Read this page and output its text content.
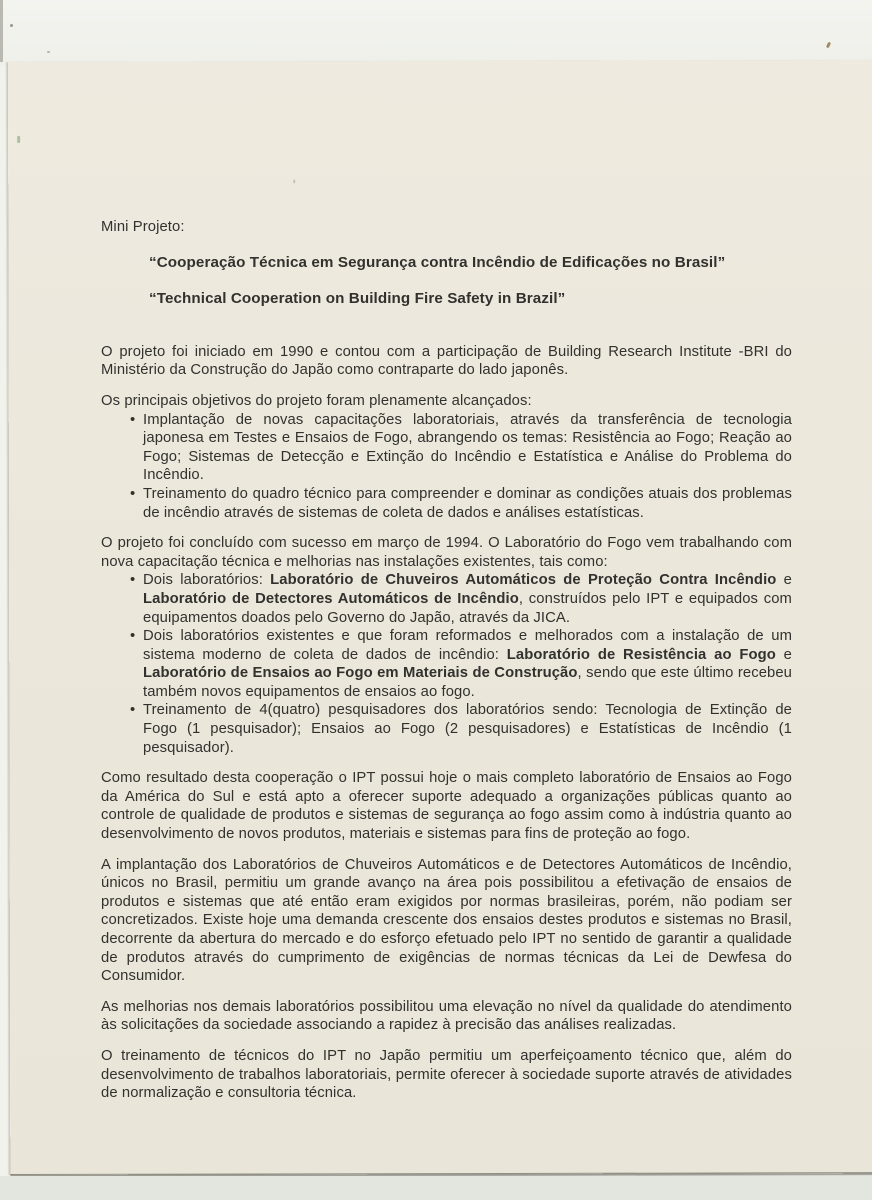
Mini Projeto:

“Cooperação Técnica em Segurança contra Incêndio de Edificações no Brasil”

“Technical Cooperation on Building Fire Safety in Brazil”

O projeto foi iniciado em 1990 e contou com a participação de Building Research Institute -BRI do Ministério da Construção do Japão como contraparte do lado japonês.

Os principais objetivos do projeto foram plenamente alcançados:

• Implantação de novas capacitações laboratoriais, através da transferência de tecnologia japonesa em Testes e Ensaios de Fogo, abrangendo os temas: Resistência ao Fogo; Reação ao Fogo; Sistemas de Detecção e Extinção do Incêndio e Estatística e Análise do Problema do Incêndio.
• Treinamento do quadro técnico para compreender e dominar as condições atuais dos problemas de incêndio através de sistemas de coleta de dados e análises estatísticas.

O projeto foi concluído com sucesso em março de 1994. O Laboratório do Fogo vem trabalhando com nova capacitação técnica e melhorias nas instalações existentes, tais como:

• Dois laboratórios: Laboratório de Chuveiros Automáticos de Proteção Contra Incêndio e Laboratório de Detectores Automáticos de Incêndio, construídos pelo IPT e equipados com equipamentos doados pelo Governo do Japão, através da JICA.
• Dois laboratórios existentes e que foram reformados e melhorados com a instalação de um sistema moderno de coleta de dados de incêndio: Laboratório de Resistência ao Fogo e Laboratório de Ensaios ao Fogo em Materiais de Construção, sendo que este último recebeu também novos equipamentos de ensaios ao fogo.
• Treinamento de 4(quatro) pesquisadores dos laboratórios sendo: Tecnologia de Extinção de Fogo (1 pesquisador); Ensaios ao Fogo (2 pesquisadores) e Estatísticas de Incêndio (1 pesquisador).

Como resultado desta cooperação o IPT possui hoje o mais completo laboratório de Ensaios ao Fogo da América do Sul e está apto a oferecer suporte adequado a organizações públicas quanto ao controle de qualidade de produtos e sistemas de segurança ao fogo assim como à indústria quanto ao desenvolvimento de novos produtos, materiais e sistemas para fins de proteção ao fogo.

A implantação dos Laboratórios de Chuveiros Automáticos e de Detectores Automáticos de Incêndio, únicos no Brasil, permitiu um grande avanço na área pois possibilitou a efetivação de ensaios de produtos e sistemas que até então eram exigidos por normas brasileiras, porém, não podiam ser concretizados. Existe hoje uma demanda crescente dos ensaios destes produtos e sistemas no Brasil, decorrente da abertura do mercado e do esforço efetuado pelo IPT no sentido de garantir a qualidade de produtos através do cumprimento de exigências de normas técnicas da Lei de Dewfesa do Consumidor.

As melhorias nos demais laboratórios possibilitou uma elevação no nível da qualidade do atendimento às solicitações da sociedade associando a rapidez à precisão das análises realizadas.

O treinamento de técnicos do IPT no Japão permitiu um aperfeiçoamento técnico que, além do desenvolvimento de trabalhos laboratoriais, permite oferecer à sociedade suporte através de atividades de normalização e consultoria técnica.
